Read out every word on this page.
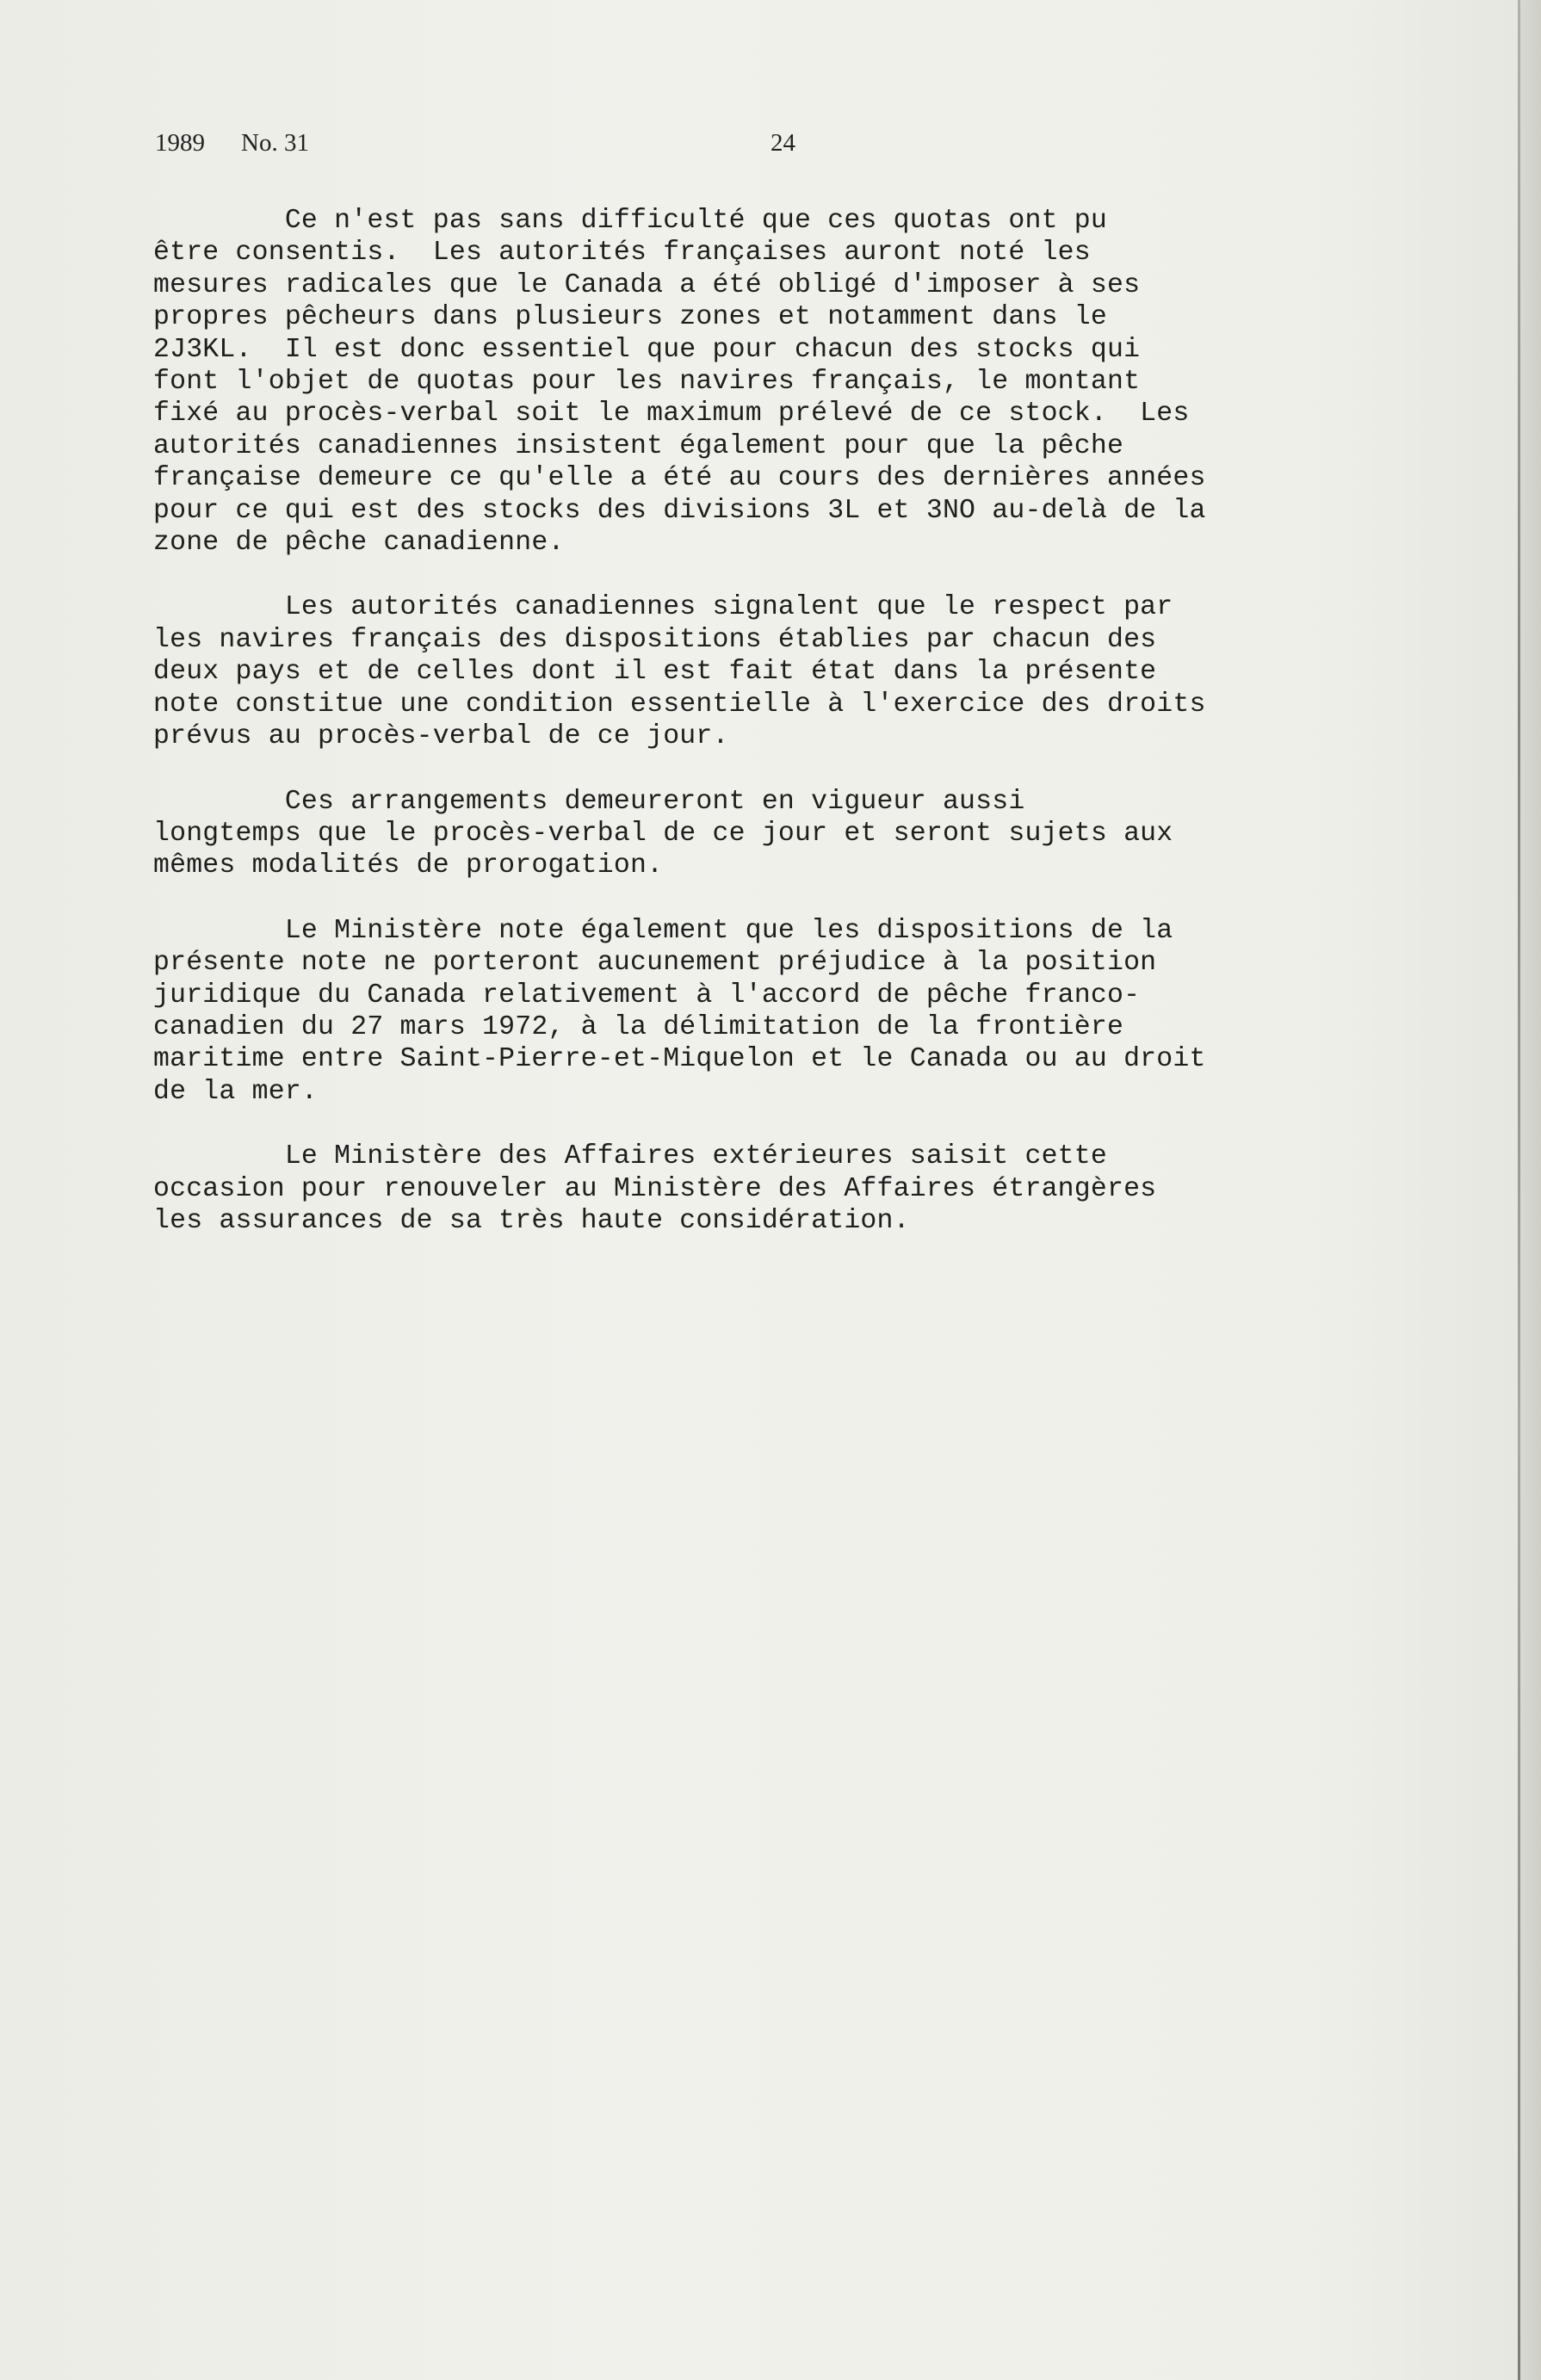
1989 No. 31	24

Ce n'est pas sans difficulté que ces quotas ont pu
être consentis.  Les autorités françaises auront noté les
mesures radicales que le Canada a été obligé d'imposer à ses
propres pêcheurs dans plusieurs zones et notamment dans le
2J3KL.  Il est donc essentiel que pour chacun des stocks qui
font l'objet de quotas pour les navires français, le montant
fixé au procès-verbal soit le maximum prélevé de ce stock.  Les
autorités canadiennes insistent également pour que la pêche
française demeure ce qu'elle a été au cours des dernières années
pour ce qui est des stocks des divisions 3L et 3NO au-delà de la
zone de pêche canadienne.

Les autorités canadiennes signalent que le respect par
les navires français des dispositions établies par chacun des
deux pays et de celles dont il est fait état dans la présente
note constitue une condition essentielle à l'exercice des droits
prévus au procès-verbal de ce jour.

Ces arrangements demeureront en vigueur aussi
longtemps que le procès-verbal de ce jour et seront sujets aux
mêmes modalités de prorogation.

Le Ministère note également que les dispositions de la
présente note ne porteront aucunement préjudice à la position
juridique du Canada relativement à l'accord de pêche franco-
canadien du 27 mars 1972, à la délimitation de la frontière
maritime entre Saint-Pierre-et-Miquelon et le Canada ou au droit
de la mer.

Le Ministère des Affaires extérieures saisit cette
occasion pour renouveler au Ministère des Affaires étrangères
les assurances de sa très haute considération.
